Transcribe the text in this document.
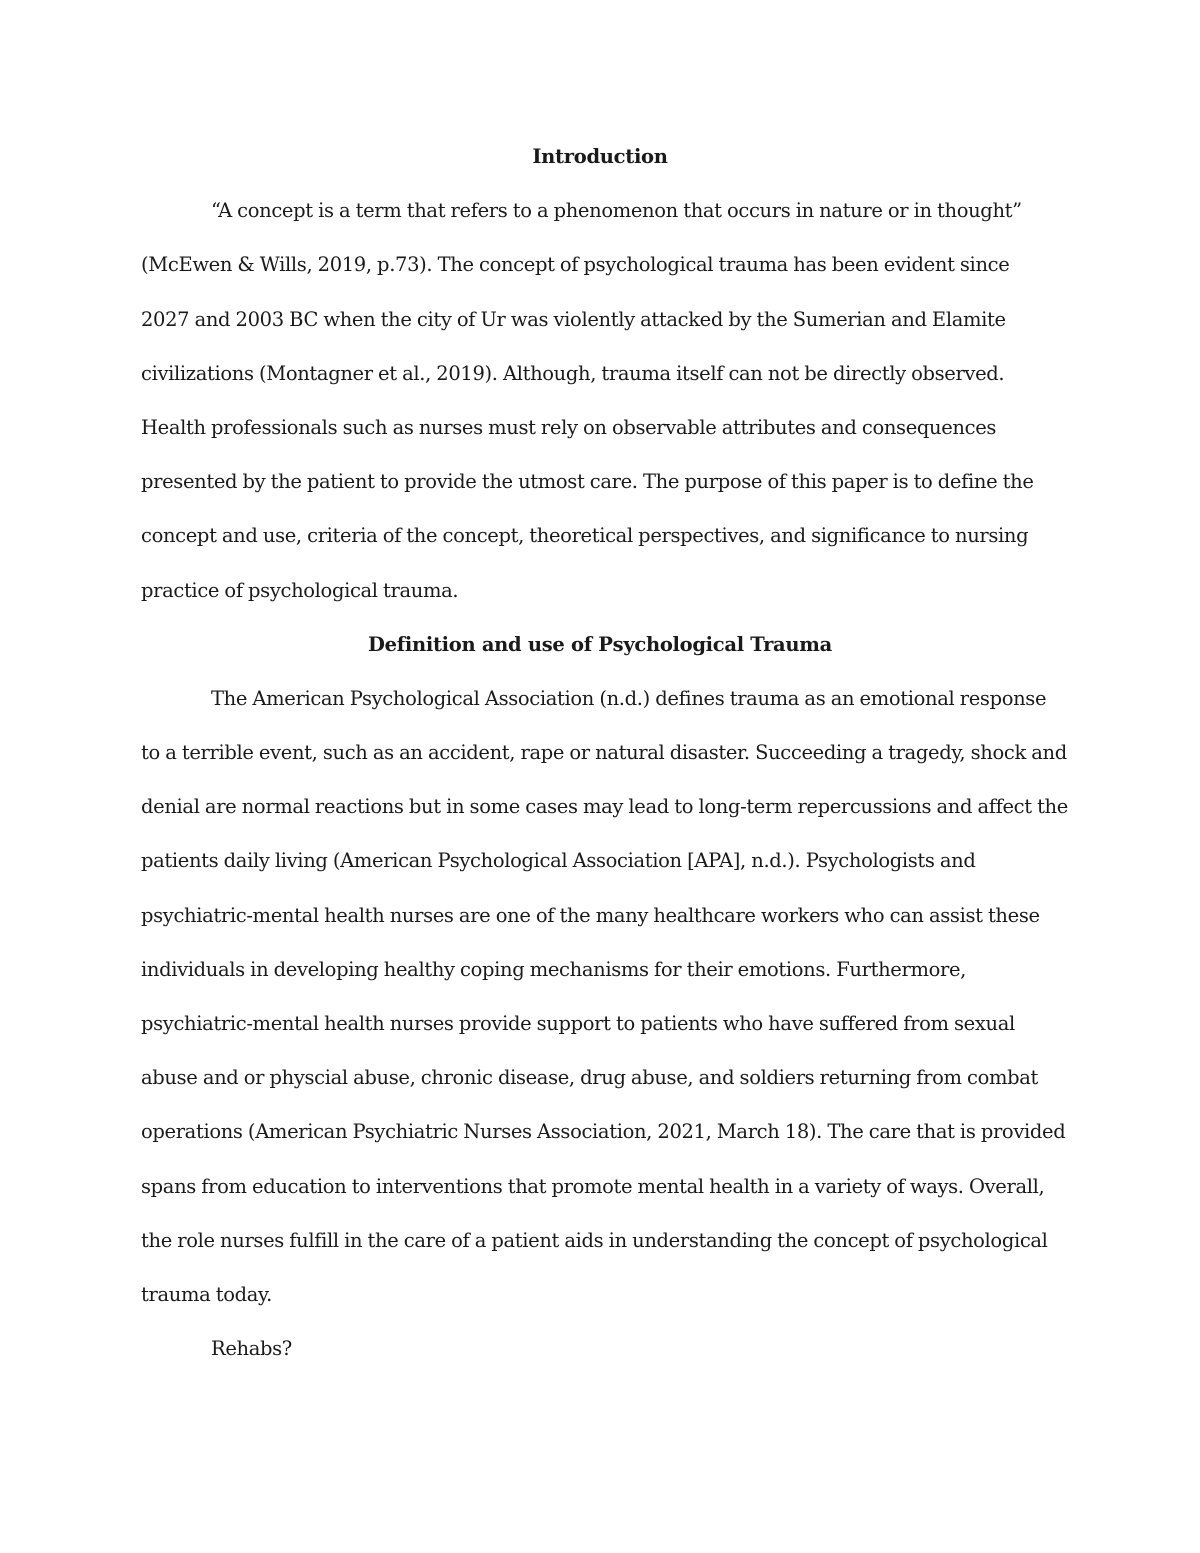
Introduction

“A concept is a term that refers to a phenomenon that occurs in nature or in thought”
(McEwen & Wills, 2019, p.73). The concept of psychological trauma has been evident since
2027 and 2003 BC when the city of Ur was violently attacked by the Sumerian and Elamite
civilizations (Montagner et al., 2019). Although, trauma itself can not be directly observed.
Health professionals such as nurses must rely on observable attributes and consequences
presented by the patient to provide the utmost care. The purpose of this paper is to define the
concept and use, criteria of the concept, theoretical perspectives, and significance to nursing
practice of psychological trauma.

Definition and use of Psychological Trauma

The American Psychological Association (n.d.) defines trauma as an emotional response
to a terrible event, such as an accident, rape or natural disaster. Succeeding a tragedy, shock and
denial are normal reactions but in some cases may lead to long-term repercussions and affect the
patients daily living (American Psychological Association [APA], n.d.). Psychologists and
psychiatric-mental health nurses are one of the many healthcare workers who can assist these
individuals in developing healthy coping mechanisms for their emotions. Furthermore,
psychiatric-mental health nurses provide support to patients who have suffered from sexual
abuse and or physcial abuse, chronic disease, drug abuse, and soldiers returning from combat
operations (American Psychiatric Nurses Association, 2021, March 18). The care that is provided
spans from education to interventions that promote mental health in a variety of ways. Overall,
the role nurses fulfill in the care of a patient aids in understanding the concept of psychological
trauma today.

Rehabs?
